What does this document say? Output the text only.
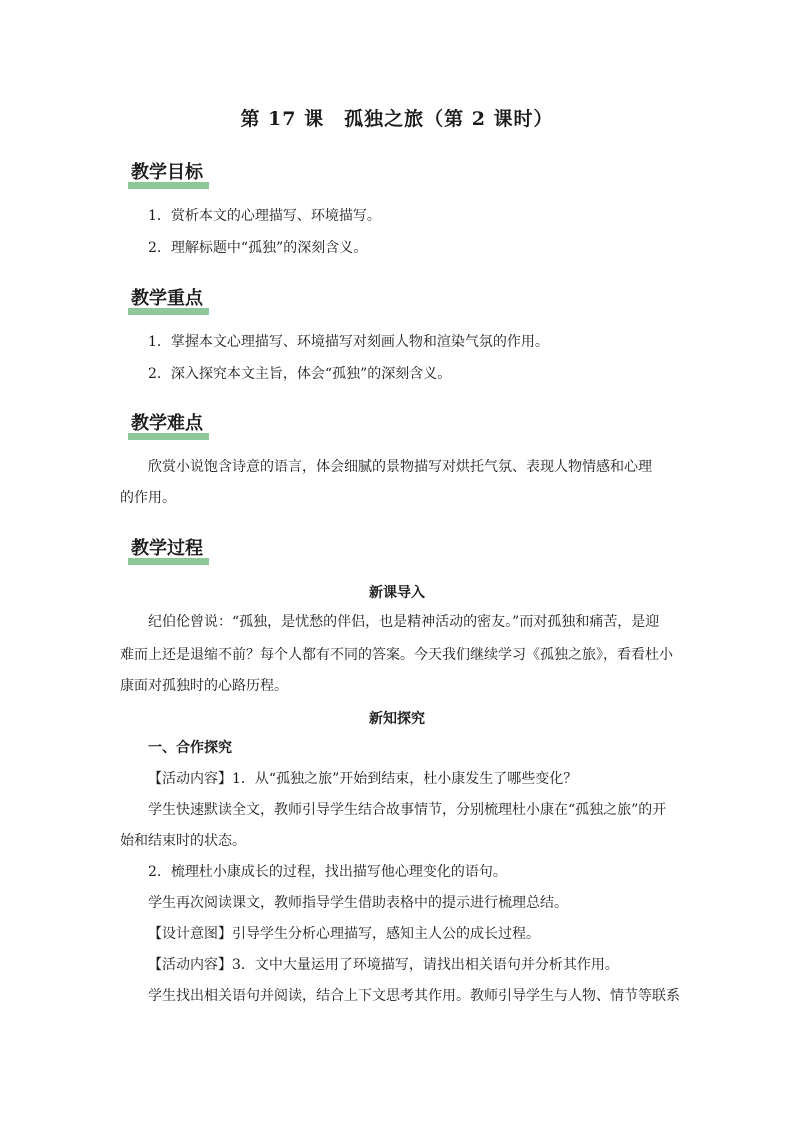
第 17 课　孤独之旅（第 2 课时）
教学目标
1．赏析本文的心理描写、环境描写。
2．理解标题中“孤独”的深刻含义。
教学重点
1．掌握本文心理描写、环境描写对刻画人物和渲染气氛的作用。
2．深入探究本文主旨，体会“孤独”的深刻含义。
教学难点
欣赏小说饱含诗意的语言，体会细腻的景物描写对烘托气氛、表现人物情感和心理
的作用。
教学过程
新课导入
纪伯伦曾说：“孤独，是忧愁的伴侣，也是精神活动的密友。”而对孤独和痛苦，是迎
难而上还是退缩不前？每个人都有不同的答案。今天我们继续学习《孤独之旅》，看看杜小
康面对孤独时的心路历程。
新知探究
一、合作探究
【活动内容】1．从“孤独之旅”开始到结束，杜小康发生了哪些变化？
学生快速默读全文，教师引导学生结合故事情节，分别梳理杜小康在“孤独之旅”的开
始和结束时的状态。
2．梳理杜小康成长的过程，找出描写他心理变化的语句。
学生再次阅读课文，教师指导学生借助表格中的提示进行梳理总结。
【设计意图】引导学生分析心理描写，感知主人公的成长过程。
【活动内容】3．文中大量运用了环境描写，请找出相关语句并分析其作用。
学生找出相关语句并阅读，结合上下文思考其作用。教师引导学生与人物、情节等联系
